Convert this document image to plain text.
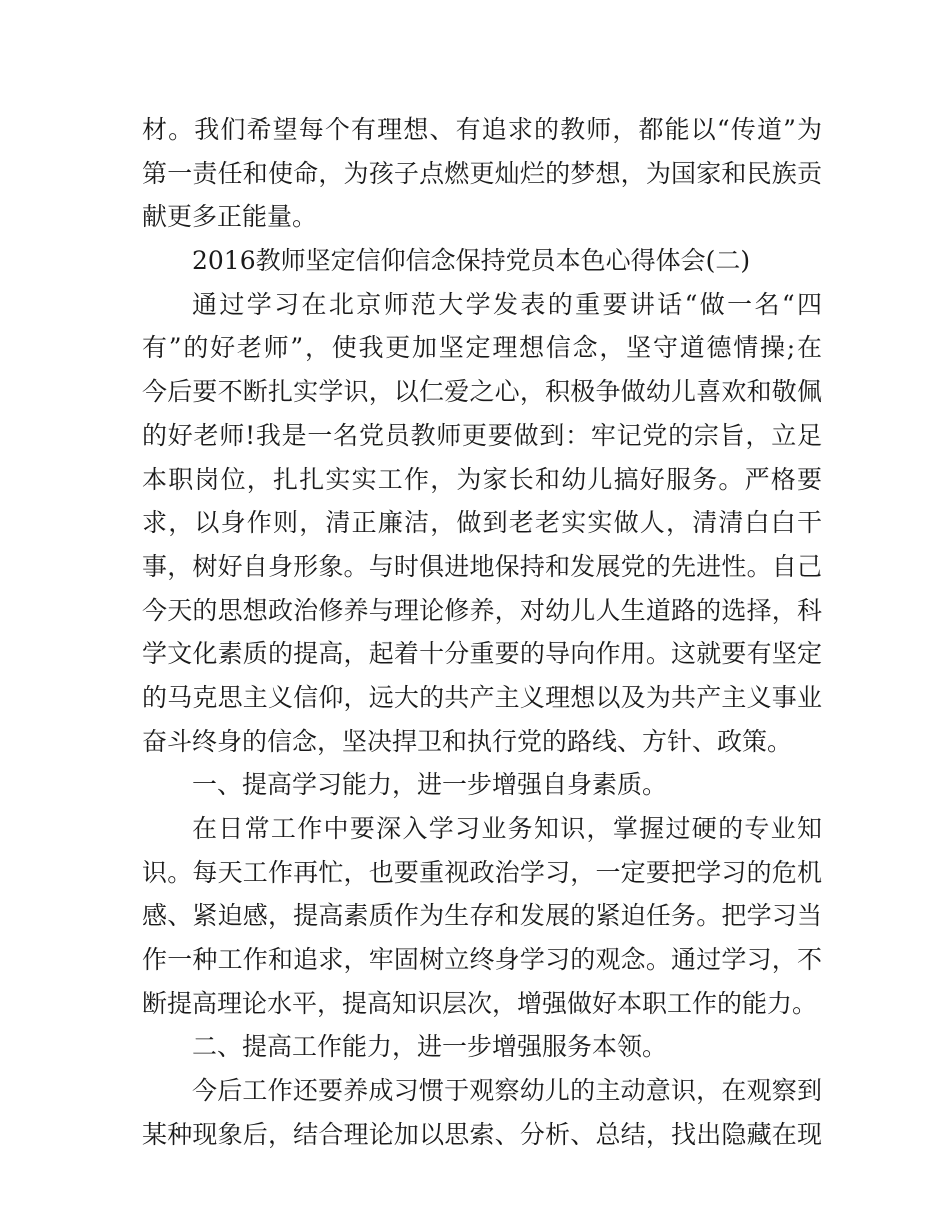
材。我们希望每个有理想、有追求的教师，都能以“传道”为
第一责任和使命，为孩子点燃更灿烂的梦想，为国家和民族贡
献更多正能量。
2016教师坚定信仰信念保持党员本色心得体会(二)
通过学习在北京师范大学发表的重要讲话“做一名“四
有”的好老师”，使我更加坚定理想信念，坚守道德情操;在
今后要不断扎实学识，以仁爱之心，积极争做幼儿喜欢和敬佩
的好老师!我是一名党员教师更要做到：牢记党的宗旨，立足
本职岗位，扎扎实实工作，为家长和幼儿搞好服务。严格要
求，以身作则，清正廉洁，做到老老实实做人，清清白白干
事，树好自身形象。与时俱进地保持和发展党的先进性。自己
今天的思想政治修养与理论修养，对幼儿人生道路的选择，科
学文化素质的提高，起着十分重要的导向作用。这就要有坚定
的马克思主义信仰，远大的共产主义理想以及为共产主义事业
奋斗终身的信念，坚决捍卫和执行党的路线、方针、政策。
一、提高学习能力，进一步增强自身素质。
在日常工作中要深入学习业务知识，掌握过硬的专业知
识。每天工作再忙，也要重视政治学习，一定要把学习的危机
感、紧迫感，提高素质作为生存和发展的紧迫任务。把学习当
作一种工作和追求，牢固树立终身学习的观念。通过学习，不
断提高理论水平，提高知识层次，增强做好本职工作的能力。
二、提高工作能力，进一步增强服务本领。
今后工作还要养成习惯于观察幼儿的主动意识，在观察到
某种现象后，结合理论加以思索、分析、总结，找出隐藏在现
